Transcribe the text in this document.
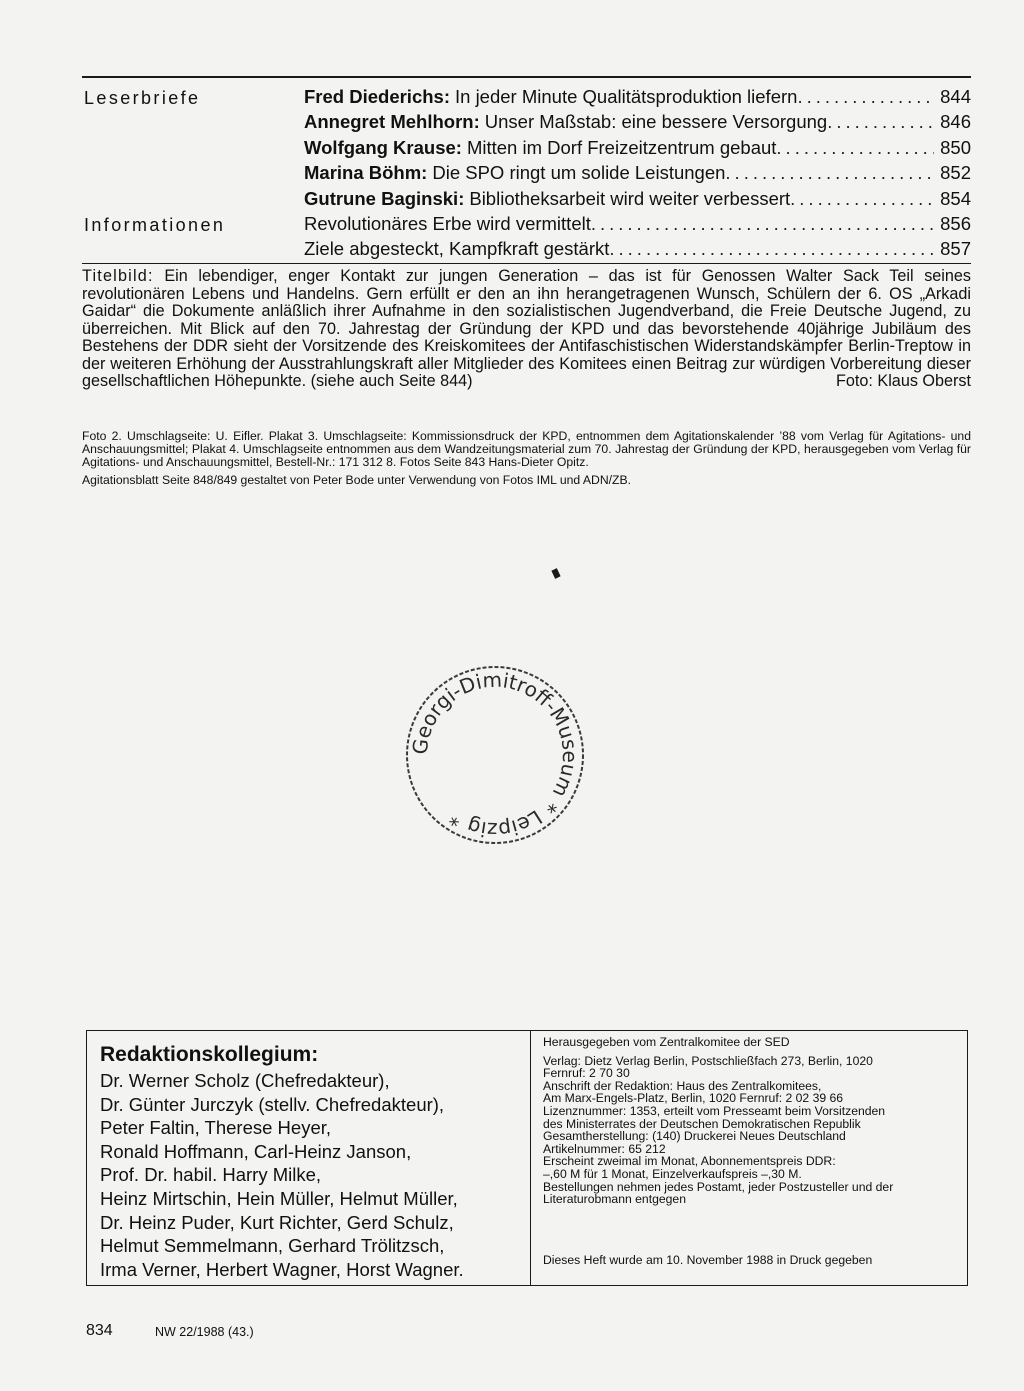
Leserbriefe	Fred Diederichs: In jeder Minute Qualitätsproduktion liefern .....	844
Annegret Mehlhorn: Unser Maßstab: eine bessere Versorgung .....	846
Wolfgang Krause: Mitten im Dorf Freizeitzentrum gebaut .....	850
Marina Böhm: Die SPO ringt um solide Leistungen .....	852
Gutrune Baginski: Bibliotheksarbeit wird weiter verbessert .....	854
Informationen	Revolutionäres Erbe wird vermittelt .....	856
Ziele abgesteckt, Kampfkraft gestärkt .....	857
Titelbild: Ein lebendiger, enger Kontakt zur jungen Generation – das ist für Genossen Walter Sack Teil seines revolutionären Lebens und Handelns. Gern erfüllt er den an ihn herangetragenen Wunsch, Schülern der 6. OS „Arkadi Gaidar“ die Dokumente anläßlich ihrer Aufnahme in den sozialistischen Jugendverband, die Freie Deutsche Jugend, zu überreichen. Mit Blick auf den 70. Jahrestag der Gründung der KPD und das bevorstehende 40jährige Jubiläum des Bestehens der DDR sieht der Vorsitzende des Kreiskomitees der Antifaschistischen Widerstandskämpfer Berlin-Treptow in der weiteren Erhöhung der Ausstrahlungskraft aller Mitglieder des Komitees einen Beitrag zur würdigen Vorbereitung dieser gesellschaftlichen Höhepunkte. (siehe auch Seite 844)	Foto: Klaus Oberst

Foto 2. Umschlagseite: U. Eifler. Plakat 3. Umschlagseite: Kommissionsdruck der KPD, entnommen dem Agitationskalender ’88 vom Verlag für Agitations- und Anschauungsmittel; Plakat 4. Umschlagseite entnommen aus dem Wandzeitungsmaterial zum 70. Jahrestag der Gründung der KPD, herausgegeben vom Verlag für Agitations- und Anschauungsmittel, Bestell-Nr.: 171 312 8. Fotos Seite 843 Hans-Dieter Opitz.

Agitationsblatt Seite 848/849 gestaltet von Peter Bode unter Verwendung von Fotos IML und ADN/ZB.

Georgi-Dimitroff-Museum * Leipzig *
Redaktionskollegium:
Dr. Werner Scholz (Chefredakteur),
Dr. Günter Jurczyk (stellv. Chefredakteur),
Peter Faltin, Therese Heyer,
Ronald Hoffmann, Carl-Heinz Janson,
Prof. Dr. habil. Harry Milke,
Heinz Mirtschin, Hein Müller, Helmut Müller,
Dr. Heinz Puder, Kurt Richter, Gerd Schulz,
Helmut Semmelmann, Gerhard Trölitzsch,
Irma Verner, Herbert Wagner, Horst Wagner.

Herausgegeben vom Zentralkomitee der SED

Verlag: Dietz Verlag Berlin, Postschließfach 273, Berlin, 1020

Fernruf: 2 70 30

Anschrift der Redaktion: Haus des Zentralkomitees,

Am Marx-Engels-Platz, Berlin, 1020 Fernruf: 2 02 39 66

Lizenznummer: 1353, erteilt vom Presseamt beim Vorsitzenden

des Ministerrates der Deutschen Demokratischen Republik

Gesamtherstellung: (140) Druckerei Neues Deutschland

Artikelnummer: 65 212

Erscheint zweimal im Monat, Abonnementspreis DDR:

–,60 M für 1 Monat, Einzelverkaufspreis –,30 M.

Bestellungen nehmen jedes Postamt, jeder Postzusteller und der

Literaturobmann entgegen

Dieses Heft wurde am 10. November 1988 in Druck gegeben
834	NW 22/1988 (43.)
